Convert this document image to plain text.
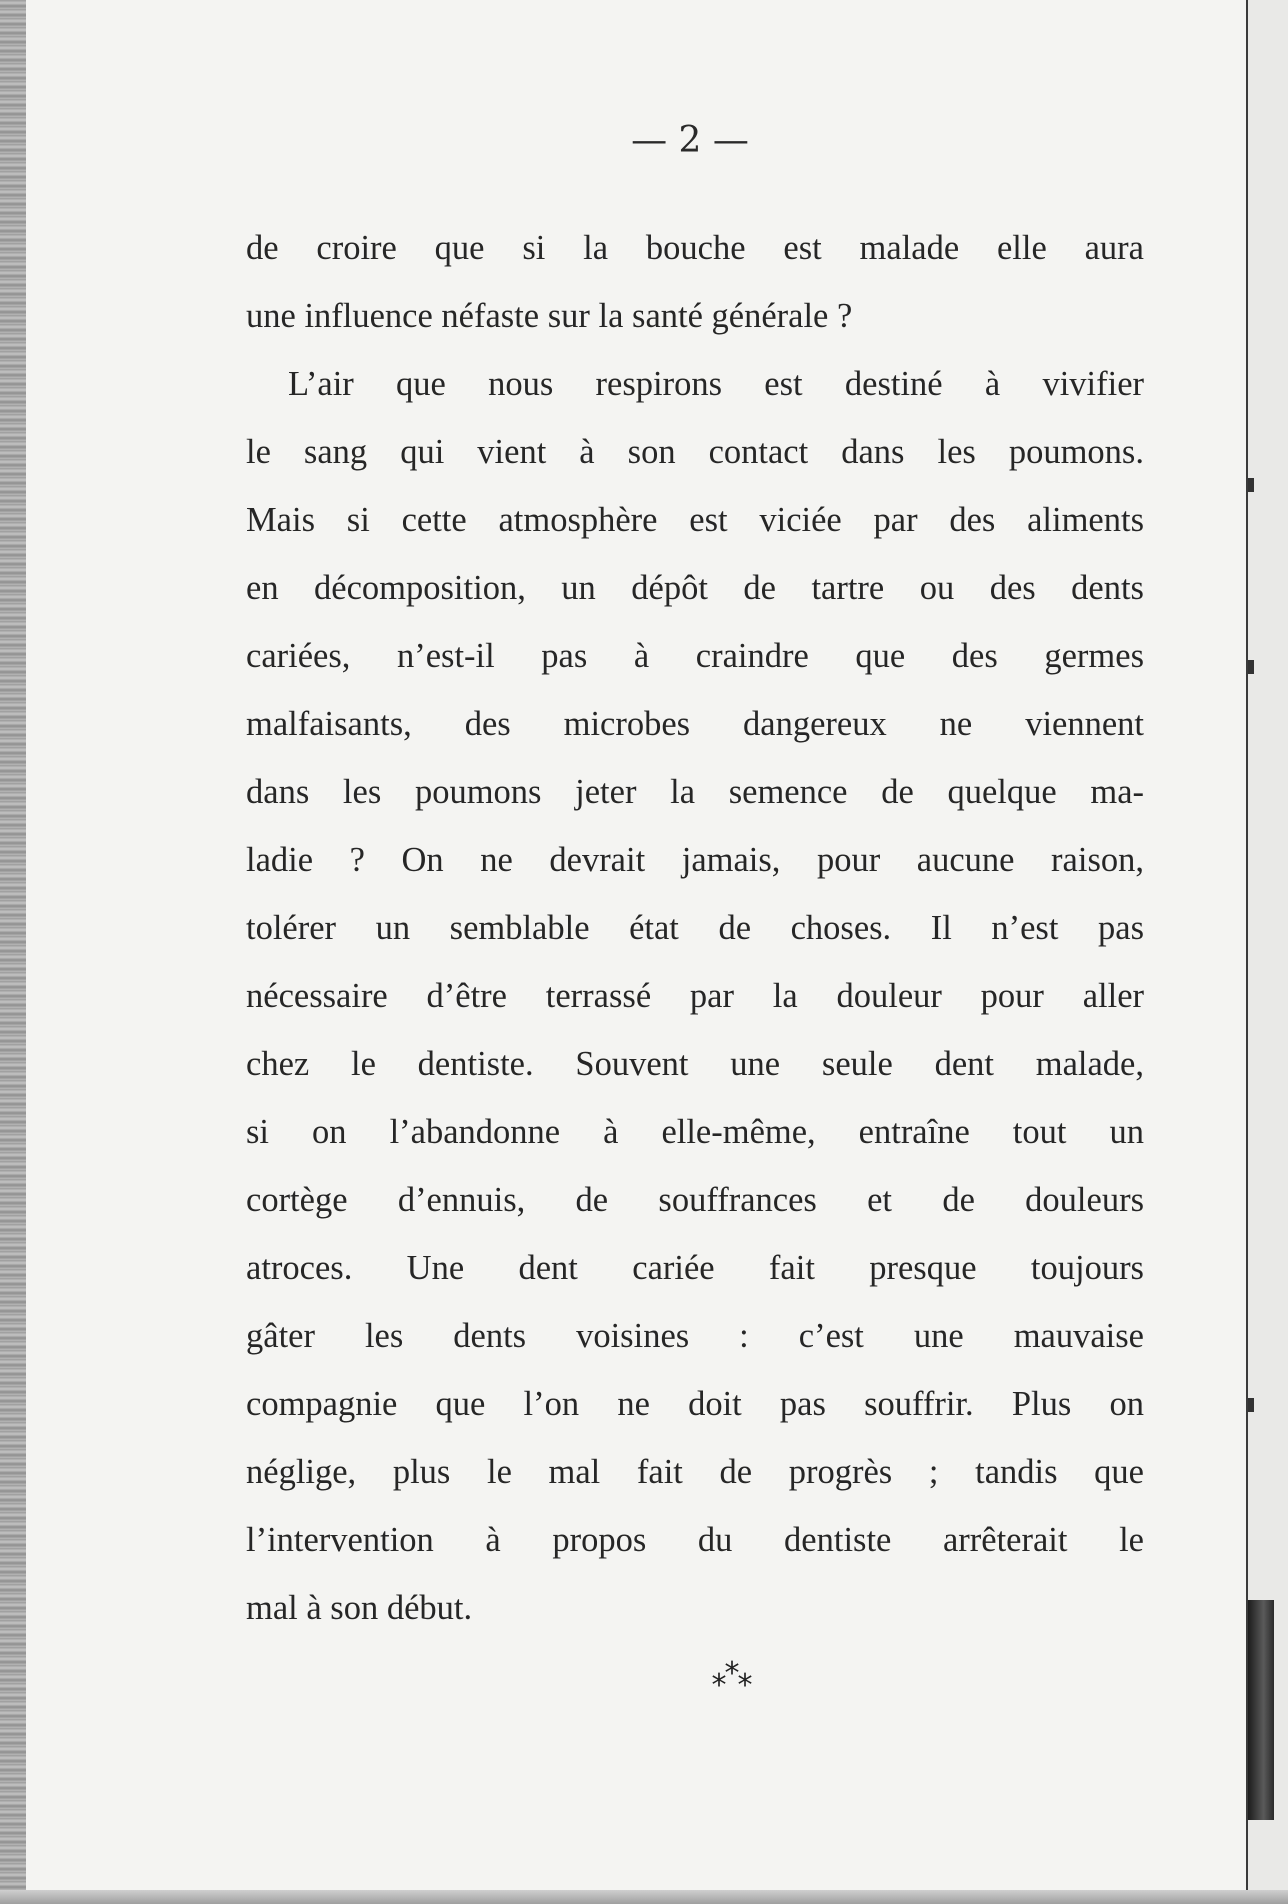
— 2 —
de croire que si la bouche est malade elle aura
une influence néfaste sur la santé générale ?
L’air que nous respirons est destiné à vivifier
le sang qui vient à son contact dans les poumons.
Mais si cette atmosphère est viciée par des aliments
en décomposition, un dépôt de tartre ou des dents
cariées, n’est-il pas à craindre que des germes
malfaisants, des microbes dangereux ne viennent
dans les poumons jeter la semence de quelque ma-
ladie ? On ne devrait jamais, pour aucune raison,
tolérer un semblable état de choses. Il n’est pas
nécessaire d’être terrassé par la douleur pour aller
chez le dentiste. Souvent une seule dent malade,
si on l’abandonne à elle-même, entraîne tout un
cortège d’ennuis, de souffrances et de douleurs
atroces. Une dent cariée fait presque toujours
gâter les dents voisines : c’est une mauvaise
compagnie que l’on ne doit pas souffrir. Plus on
néglige, plus le mal fait de progrès ; tandis que
l’intervention à propos du dentiste arrêterait le
mal à son début.
***
